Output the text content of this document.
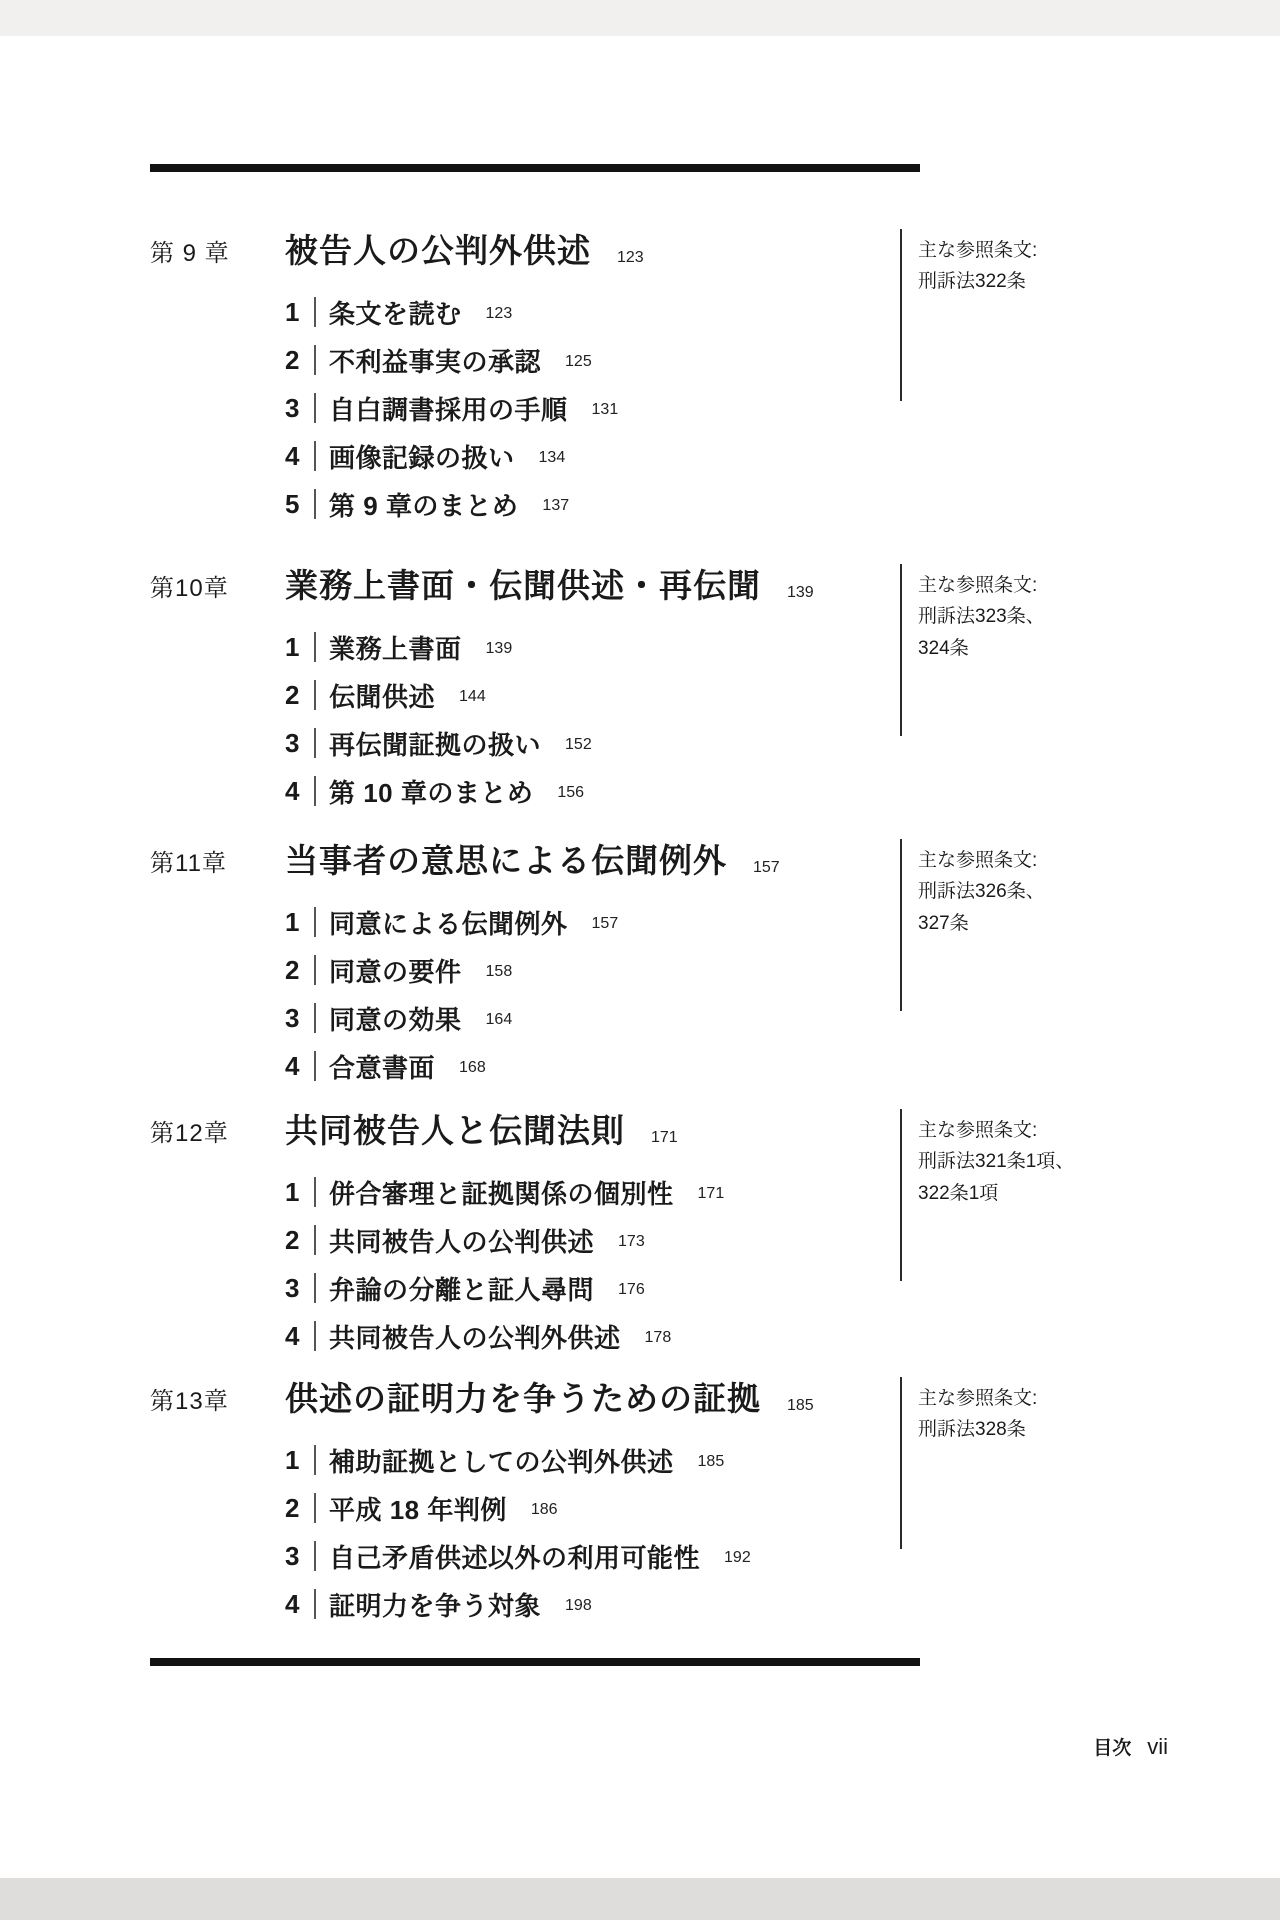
第 9 章 被告人の公判外供述 123
1 条文を読む 123
2 不利益事実の承認 125
3 自白調書採用の手順 131
4 画像記録の扱い 134
5 第 9 章のまとめ 137
主な参照条文:
刑訴法322条
第10章 業務上書面・伝聞供述・再伝聞 139
1 業務上書面 139
2 伝聞供述 144
3 再伝聞証拠の扱い 152
4 第 10 章のまとめ 156
主な参照条文:
刑訴法323条、
324条
第11章 当事者の意思による伝聞例外 157
1 同意による伝聞例外 157
2 同意の要件 158
3 同意の効果 164
4 合意書面 168
主な参照条文:
刑訴法326条、
327条
第12章 共同被告人と伝聞法則 171
1 併合審理と証拠関係の個別性 171
2 共同被告人の公判供述 173
3 弁論の分離と証人尋問 176
4 共同被告人の公判外供述 178
主な参照条文:
刑訴法321条1項、
322条1項
第13章 供述の証明力を争うための証拠 185
1 補助証拠としての公判外供述 185
2 平成 18 年判例 186
3 自己矛盾供述以外の利用可能性 192
4 証明力を争う対象 198
主な参照条文:
刑訴法328条
目次 vii
